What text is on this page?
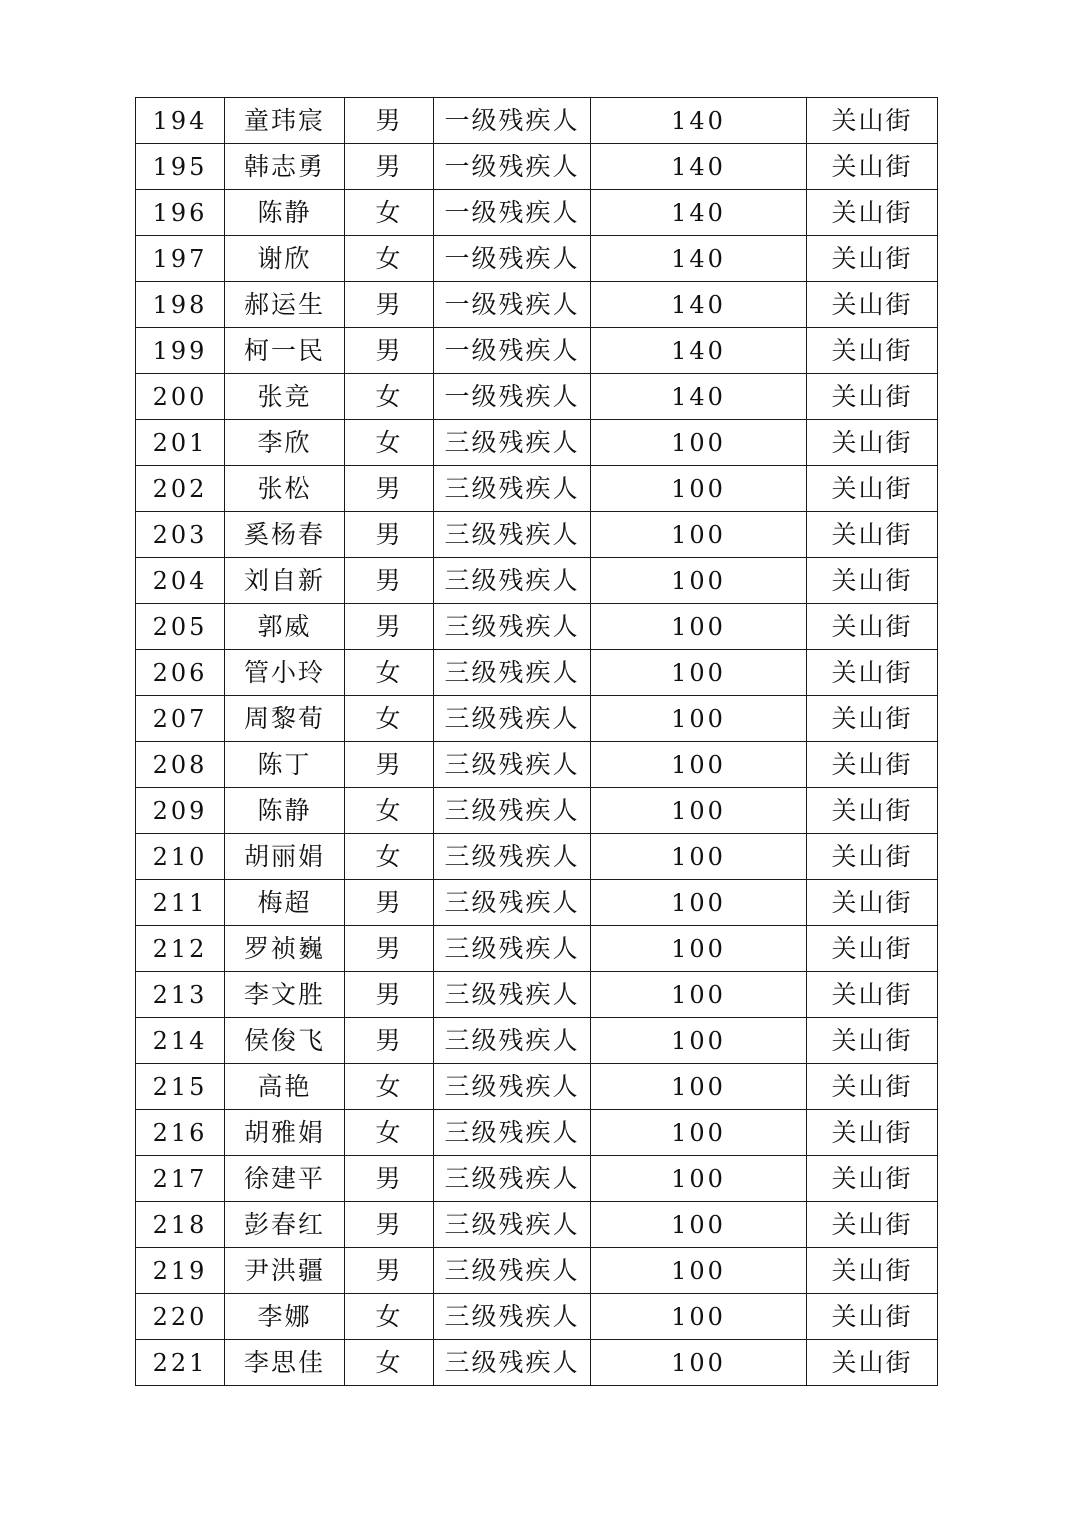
194	童玮宸	男	一级残疾人	140	关山街
195	韩志勇	男	一级残疾人	140	关山街
196	陈静	女	一级残疾人	140	关山街
197	谢欣	女	一级残疾人	140	关山街
198	郝运生	男	一级残疾人	140	关山街
199	柯一民	男	一级残疾人	140	关山街
200	张竞	女	一级残疾人	140	关山街
201	李欣	女	三级残疾人	100	关山街
202	张松	男	三级残疾人	100	关山街
203	奚杨春	男	三级残疾人	100	关山街
204	刘自新	男	三级残疾人	100	关山街
205	郭威	男	三级残疾人	100	关山街
206	管小玲	女	三级残疾人	100	关山街
207	周黎荀	女	三级残疾人	100	关山街
208	陈丁	男	三级残疾人	100	关山街
209	陈静	女	三级残疾人	100	关山街
210	胡丽娟	女	三级残疾人	100	关山街
211	梅超	男	三级残疾人	100	关山街
212	罗祯巍	男	三级残疾人	100	关山街
213	李文胜	男	三级残疾人	100	关山街
214	侯俊飞	男	三级残疾人	100	关山街
215	高艳	女	三级残疾人	100	关山街
216	胡雅娟	女	三级残疾人	100	关山街
217	徐建平	男	三级残疾人	100	关山街
218	彭春红	男	三级残疾人	100	关山街
219	尹洪疆	男	三级残疾人	100	关山街
220	李娜	女	三级残疾人	100	关山街
221	李思佳	女	三级残疾人	100	关山街
